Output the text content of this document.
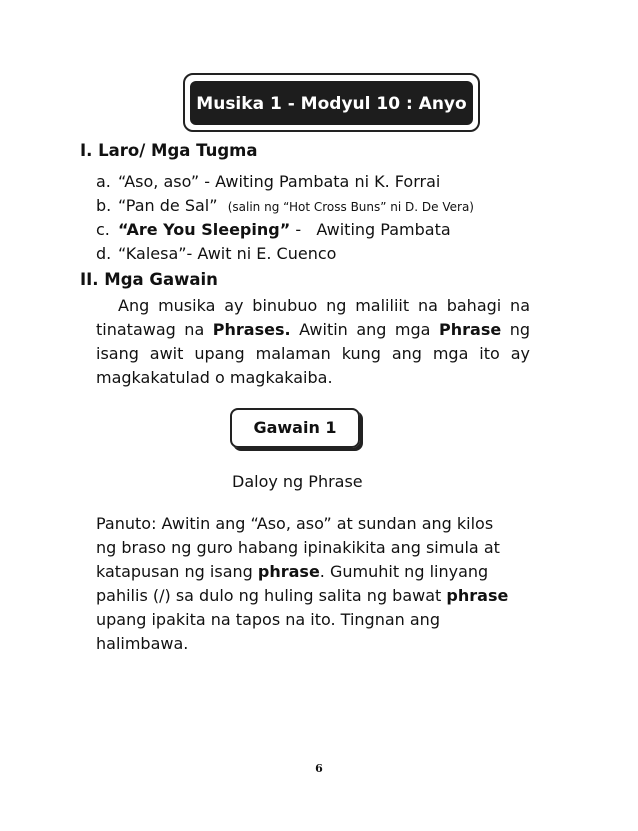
Musika 1 - Modyul 10 : Anyo
I. Laro/ Mga Tugma
a. “Aso, aso” - Awiting Pambata ni K. Forrai
b. “Pan de Sal” (salin ng “Hot Cross Buns” ni D. De Vera)
c. “Are You Sleeping” -   Awiting Pambata
d. “Kalesa”- Awit ni E. Cuenco
II. Mga Gawain
Ang musika ay binubuo ng maliliit na bahagi na
tinatawag na Phrases. Awitin ang mga Phrase ng
isang awit upang malaman kung ang mga ito ay
magkakatulad o magkakaiba.
Gawain 1
Daloy ng Phrase
Panuto: Awitin ang “Aso, aso” at sundan ang kilos
ng braso ng guro habang ipinakikita ang simula at
katapusan ng isang phrase. Gumuhit ng linyang
pahilis (/) sa dulo ng huling salita ng bawat phrase
upang ipakita na tapos na ito. Tingnan ang
halimbawa.
6
